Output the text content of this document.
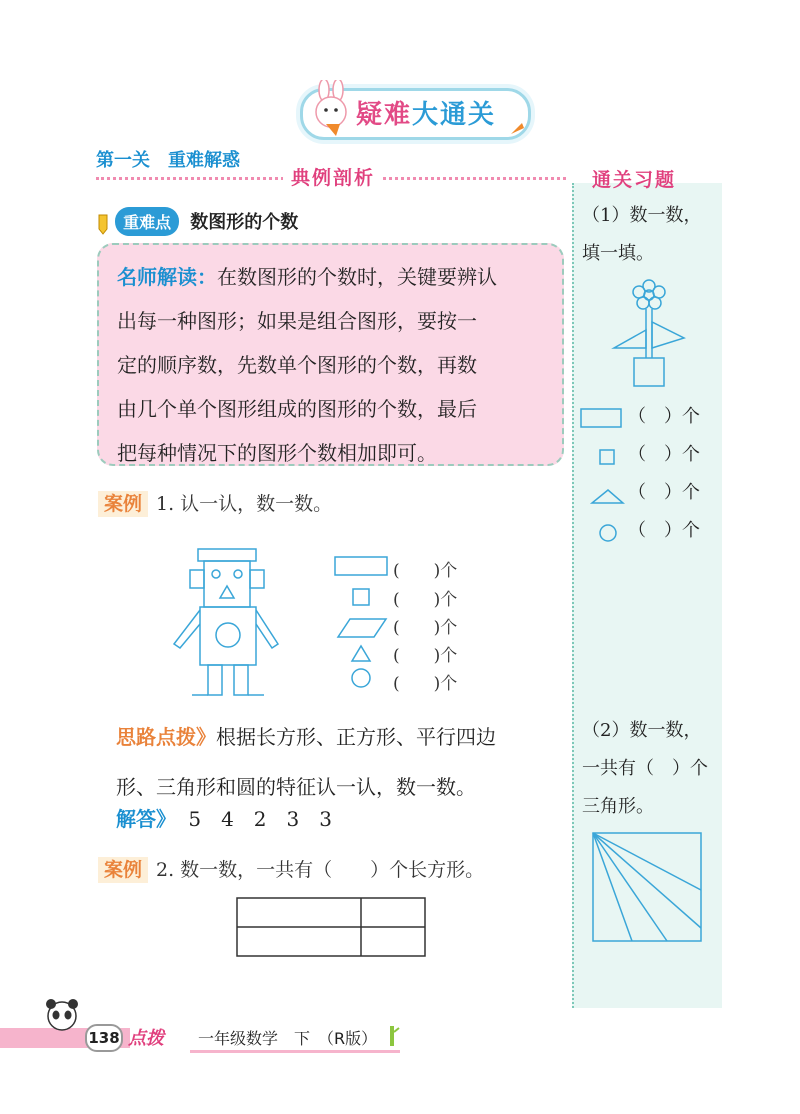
疑难大通关
第一关　重难解惑
典例剖析	通关习题
（1）数一数，
填一填。
（　）个
（　）个
（　）个
（　）个
（2）数一数，
一共有（　）个
三角形。
重难点 数图形的个数
名师解读：在数图形的个数时，关键要辨认
出每一种图形；如果是组合图形，要按一
定的顺序数，先数单个图形的个数，再数
由几个单个图形组成的图形的个数，最后
把每种情况下的图形个数相加即可。
案例 1. 认一认，数一数。
(　　)个
(　　)个
(　　)个
(　　)个
(　　)个
思路点拨》根据长方形、正方形、平行四边
形、三角形和圆的特征认一认，数一数。
解答》 5　4　2　3　3
案例 2. 数一数，一共有（　　）个长方形。
138 点拨 一年级数学　下　（R版）
